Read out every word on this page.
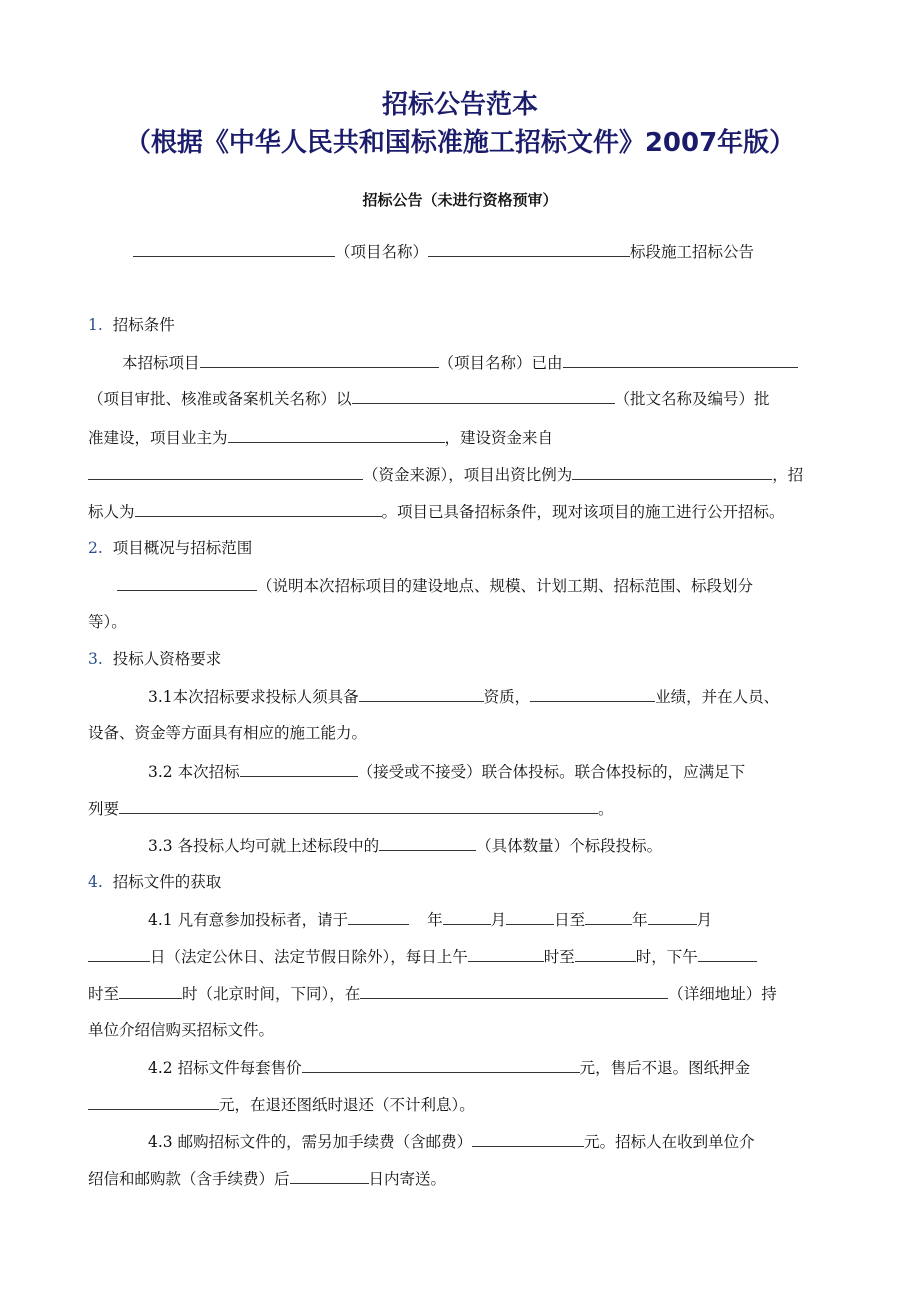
招标公告范本
（根据《中华人民共和国标准施工招标文件》2007年版）
招标公告（未进行资格预审）
（项目名称）	标段施工招标公告
1. 招标条件
本招标项目	（项目名称）已由
（项目审批、核准或备案机关名称）以	（批文名称及编号）批
准建设，项目业主为	，建设资金来自
（资金来源），项目出资比例为	，招
标人为	。项目已具备招标条件，现对该项目的施工进行公开招标。
2. 项目概况与招标范围
（说明本次招标项目的建设地点、规模、计划工期、招标范围、标段划分
等）。
3. 投标人资格要求
3.1本次招标要求投标人须具备	资质，	业绩，并在人员、
设备、资金等方面具有相应的施工能力。
3.2 本次招标	（接受或不接受）联合体投标。联合体投标的，应满足下
列要	。
3.3 各投标人均可就上述标段中的	（具体数量）个标段投标。
4. 招标文件的获取
4.1 凡有意参加投标者，请于	年	月	日至	年	月
日（法定公休日、法定节假日除外），每日上午	时至	时，下午
时至	时（北京时间，下同），在	（详细地址）持
单位介绍信购买招标文件。
4.2 招标文件每套售价	元，售后不退。图纸押金
元，在退还图纸时退还（不计利息）。
4.3 邮购招标文件的，需另加手续费（含邮费）	元。招标人在收到单位介
绍信和邮购款（含手续费）后	日内寄送。
